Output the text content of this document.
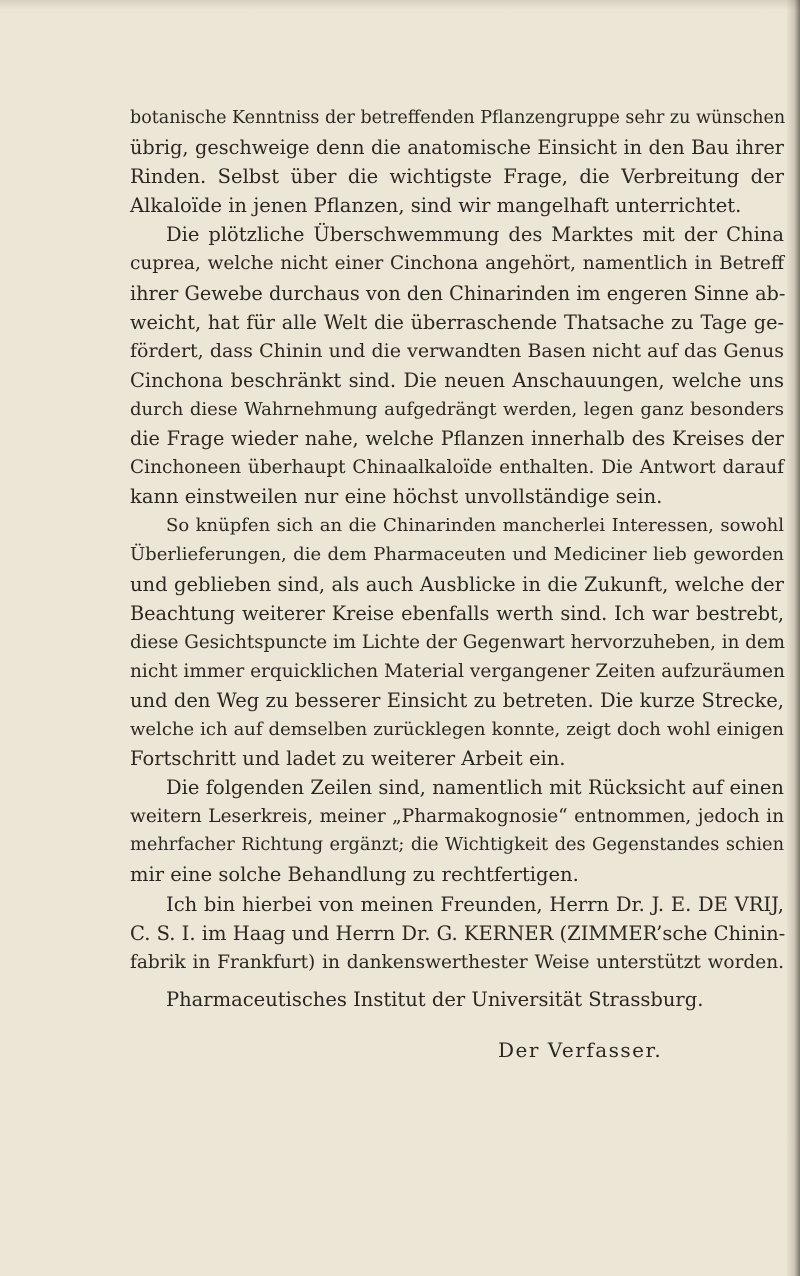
botanische Kenntniss der betreffenden Pflanzengruppe sehr zu wünschen
übrig, geschweige denn die anatomische Einsicht in den Bau ihrer
Rinden. Selbst über die wichtigste Frage, die Verbreitung der
Alkaloïde in jenen Pflanzen, sind wir mangelhaft unterrichtet.
Die plötzliche Überschwemmung des Marktes mit der China
cuprea, welche nicht einer Cinchona angehört, namentlich in Betreff
ihrer Gewebe durchaus von den Chinarinden im engeren Sinne ab-
weicht, hat für alle Welt die überraschende Thatsache zu Tage ge-
fördert, dass Chinin und die verwandten Basen nicht auf das Genus
Cinchona beschränkt sind. Die neuen Anschauungen, welche uns
durch diese Wahrnehmung aufgedrängt werden, legen ganz besonders
die Frage wieder nahe, welche Pflanzen innerhalb des Kreises der
Cinchoneen überhaupt Chinaalkaloïde enthalten. Die Antwort darauf
kann einstweilen nur eine höchst unvollständige sein.
So knüpfen sich an die Chinarinden mancherlei Interessen, sowohl
Überlieferungen, die dem Pharmaceuten und Mediciner lieb geworden
und geblieben sind, als auch Ausblicke in die Zukunft, welche der
Beachtung weiterer Kreise ebenfalls werth sind. Ich war bestrebt,
diese Gesichtspuncte im Lichte der Gegenwart hervorzuheben, in dem
nicht immer erquicklichen Material vergangener Zeiten aufzuräumen
und den Weg zu besserer Einsicht zu betreten. Die kurze Strecke,
welche ich auf demselben zurücklegen konnte, zeigt doch wohl einigen
Fortschritt und ladet zu weiterer Arbeit ein.
Die folgenden Zeilen sind, namentlich mit Rücksicht auf einen
weitern Leserkreis, meiner „Pharmakognosie“ entnommen, jedoch in
mehrfacher Richtung ergänzt; die Wichtigkeit des Gegenstandes schien
mir eine solche Behandlung zu rechtfertigen.
Ich bin hierbei von meinen Freunden, Herrn Dr. J. E. DE VRIJ,
C. S. I. im Haag und Herrn Dr. G. KERNER (ZIMMER’sche Chinin-
fabrik in Frankfurt) in dankenswerthester Weise unterstützt worden.
Pharmaceutisches Institut der Universität Strassburg.
Der Verfasser.
